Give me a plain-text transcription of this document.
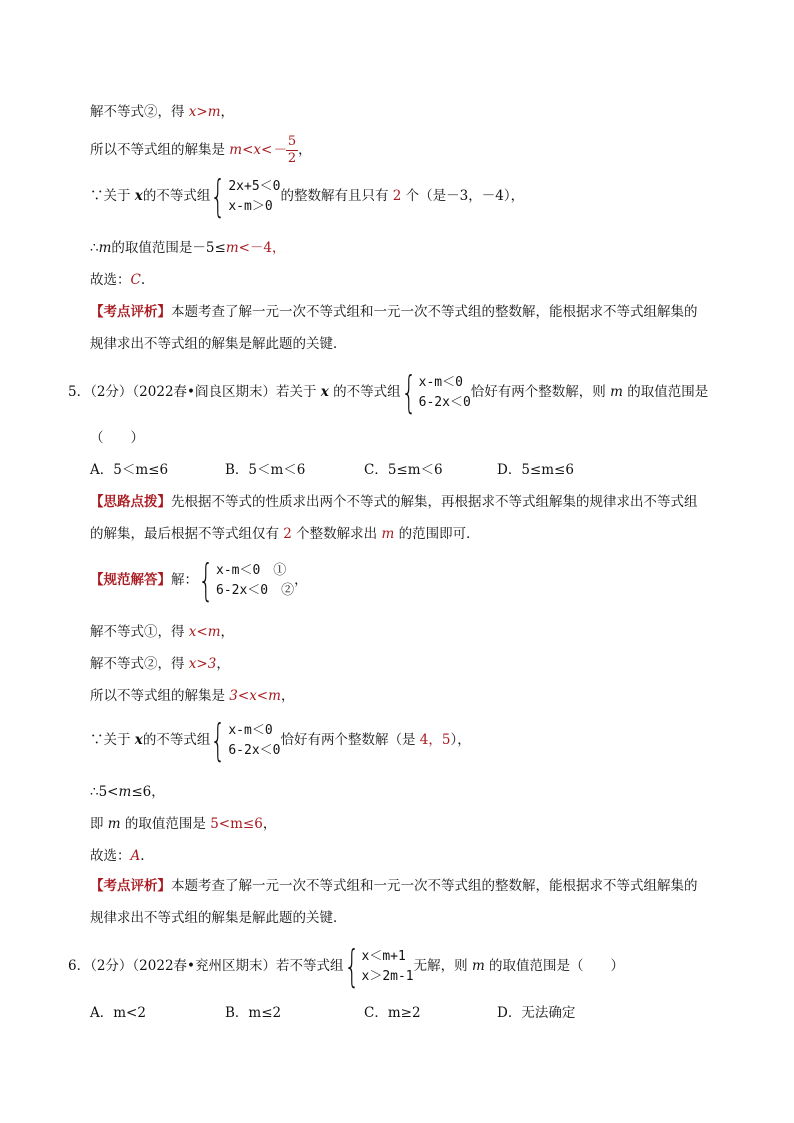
解不等式②，得 x>m，
所以不等式组的解集是 $m<x<- \frac{5}{2}$ ，
∵关于 x的不等式组 { 2x+5＜0
x-m＞0
的整数解有且只有 2 个（是－3，－4），
∴m的取值范围是－5≤m<－4，
故选：C.
【考点评析】本题考查了解一元一次不等式组和一元一次不等式组的整数解，能根据求不等式组解集的
规律求出不等式组的解集是解此题的关键．
5．（2分）（2022春•阎良区期末）若关于 x 的不等式组 { x-m＜0
6-2x＜0
恰好有两个整数解，则 m 的取值范围是
（　　）
A．5＜m≤6	B．5＜m＜6	C．5≤m＜6	D．5≤m≤6
【思路点拨】先根据不等式的性质求出两个不等式的解集，再根据求不等式组解集的规律求出不等式组
的解集，最后根据不等式组仅有 2 个整数解求出 m 的范围即可．
【规范解答】解： { x-m＜0　①
6-2x＜0　②
，
解不等式①，得 x<m，
解不等式②，得 x>3，
所以不等式组的解集是 3<x<m，
∵关于 x的不等式组 { x-m＜0
6-2x＜0
恰好有两个整数解（是 4，5），
∴5<m≤6，
即 m 的取值范围是 5<m≤6，
故选：A.
【考点评析】本题考查了解一元一次不等式组和一元一次不等式组的整数解，能根据求不等式组解集的
规律求出不等式组的解集是解此题的关键．
6．（2分）（2022春•兖州区期末）若不等式组 { x＜m+1
x＞2m-1
无解，则 m 的取值范围是（　　）
A．m<2	B．m≤2	C．m≥2	D．无法确定
